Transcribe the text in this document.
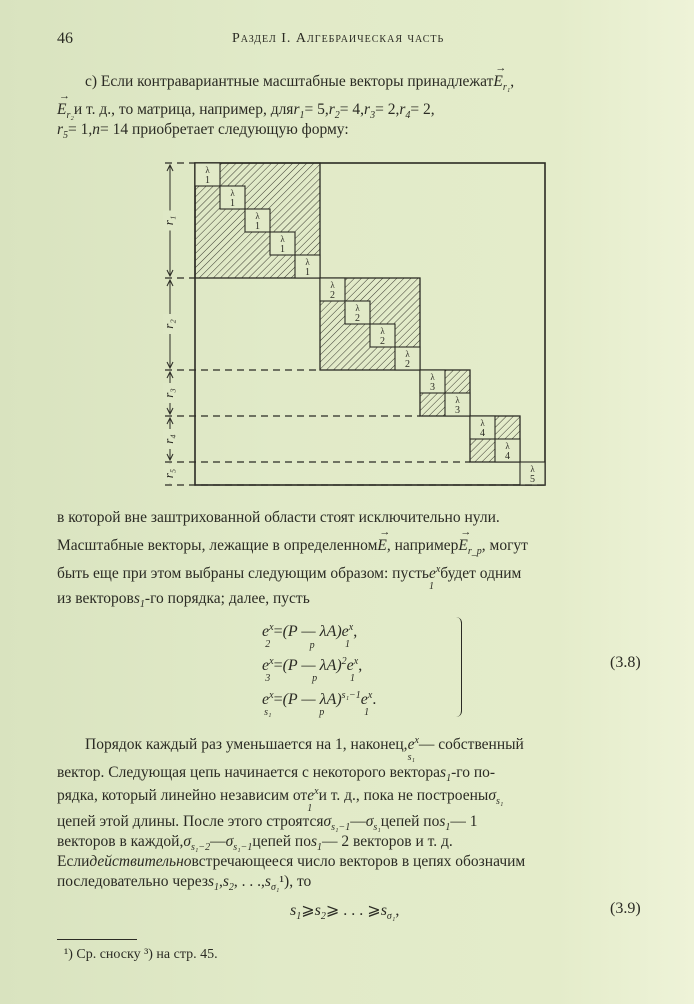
46	Раздел I. Алгебраическая часть
с) Если контравариантные масштабные векторы принадлежатE
→
$_{r_1}$,
E
→
$_{r_2}$и т. д., то матрица, например, дляr$_1$= $5,r_2= 4,r_3= 2,r_4= 2$,
$r_5= 1,n= 14$ приобретает следующую форму:
λ
1
λ
1
λ
1
λ
1
λ
1
r₁
λ
2
λ
2
λ
2
λ
2
r₂
λ
3
λ
3
r₃
λ
4
λ
4
r₄
λ
5
r₅
в которой вне заштрихованной области стоят исключительно нули.
Масштабные векторы, лежащие в определенномE
→
, напримерE
→
$_{r\_p}$, могут
быть еще при этом выбраны следующим образом: пустьe$^x$
1
будет одним
из векторовs$_1$-го порядка; далее, пусть
$e^x$
2
=(P — λA)
p
$e^x$
1
,
$e^x$
3
=(P — λA)$^2$
p
$e^x$
1
,
$e^x$
s₁
=(P — λA)$^{s_1-1}$
p
$e^x$
1
.
(3.8)
Порядок каждый раз уменьшается на 1, $наконец,e^x$
s₁
— собственный
вектор. Следующая цепь начинается с некоторого вектораs$_1$-го по-
рядка, который линейно независим отe$^x$
1
и т. д., пока не построеныσ$_{s_1}$
цепей этой длины. После этого $строятся\sigma_{s_1-1}—\sigma_{s_1}цепей$ поs$_1$— 1
векторов в $каждой,\sigma_{s_1-2}—\sigma_{s_1-1}цепей$ поs$_1$— 2 векторов и т. д.
Еслидействительновстречающееся число векторов в цепях обозначим
последовательно $черезs_1,s_2$, . . $.,s_{\sigma_1}^1$), то
$s_1⩾s_2⩾$ . . . $⩾s_{\sigma_1}$,	(3.9)
¹) Ср. сноску ³) на стр. 45.
